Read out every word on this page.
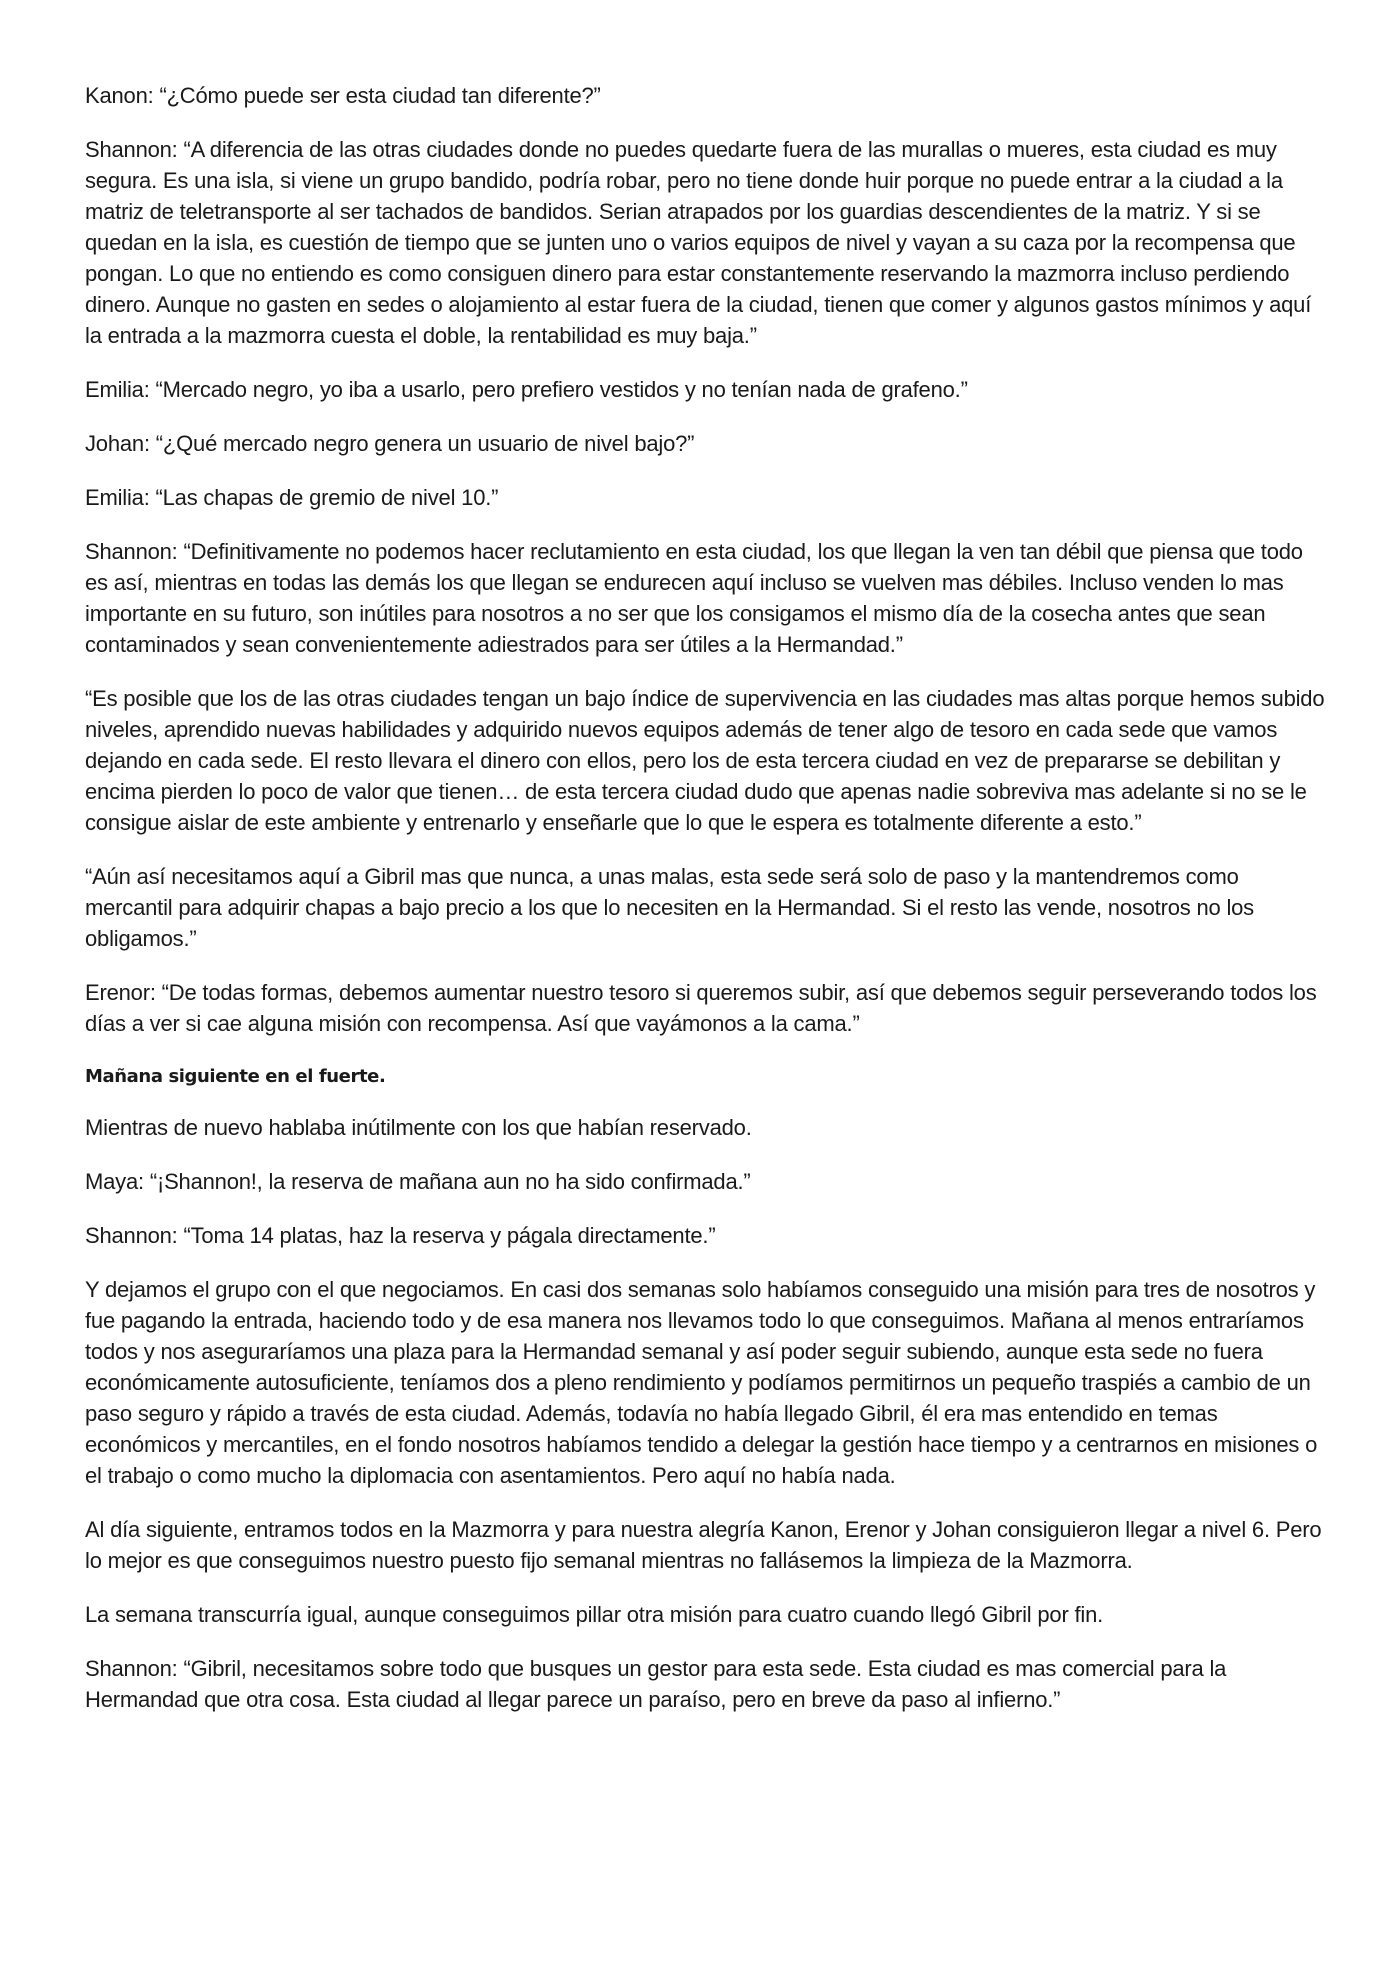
Kanon: “¿Cómo puede ser esta ciudad tan diferente?”

Shannon: “A diferencia de las otras ciudades donde no puedes quedarte fuera de las murallas o mueres, esta ciudad es muy segura. Es una isla, si viene un grupo bandido, podría robar, pero no tiene donde huir porque no puede entrar a la ciudad a la matriz de teletransporte al ser tachados de bandidos. Serian atrapados por los guardias descendientes de la matriz. Y si se quedan en la isla, es cuestión de tiempo que se junten uno o varios equipos de nivel y vayan a su caza por la recompensa que pongan. Lo que no entiendo es como consiguen dinero para estar constantemente reservando la mazmorra incluso perdiendo dinero. Aunque no gasten en sedes o alojamiento al estar fuera de la ciudad, tienen que comer y algunos gastos mínimos y aquí la entrada a la mazmorra cuesta el doble, la rentabilidad es muy baja.”

Emilia: “Mercado negro, yo iba a usarlo, pero prefiero vestidos y no tenían nada de grafeno.”

Johan: “¿Qué mercado negro genera un usuario de nivel bajo?”

Emilia: “Las chapas de gremio de nivel 10.”

Shannon: “Definitivamente no podemos hacer reclutamiento en esta ciudad, los que llegan la ven tan débil que piensa que todo es así, mientras en todas las demás los que llegan se endurecen aquí incluso se vuelven mas débiles. Incluso venden lo mas importante en su futuro, son inútiles para nosotros a no ser que los consigamos el mismo día de la cosecha antes que sean contaminados y sean convenientemente adiestrados para ser útiles a la Hermandad.”

“Es posible que los de las otras ciudades tengan un bajo índice de supervivencia en las ciudades mas altas porque hemos subido niveles, aprendido nuevas habilidades y adquirido nuevos equipos además de tener algo de tesoro en cada sede que vamos dejando en cada sede. El resto llevara el dinero con ellos, pero los de esta tercera ciudad en vez de prepararse se debilitan y encima pierden lo poco de valor que tienen… de esta tercera ciudad dudo que apenas nadie sobreviva mas adelante si no se le consigue aislar de este ambiente y entrenarlo y enseñarle que lo que le espera es totalmente diferente a esto.”

“Aún así necesitamos aquí a Gibril mas que nunca, a unas malas, esta sede será solo de paso y la mantendremos como mercantil para adquirir chapas a bajo precio a los que lo necesiten en la Hermandad. Si el resto las vende, nosotros no los obligamos.”

Erenor: “De todas formas, debemos aumentar nuestro tesoro si queremos subir, así que debemos seguir perseverando todos los días a ver si cae alguna misión con recompensa. Así que vayámonos a la cama.”

Mañana siguiente en el fuerte.

Mientras de nuevo hablaba inútilmente con los que habían reservado.

Maya: “¡Shannon!, la reserva de mañana aun no ha sido confirmada.”

Shannon: “Toma 14 platas, haz la reserva y págala directamente.”

Y dejamos el grupo con el que negociamos. En casi dos semanas solo habíamos conseguido una misión para tres de nosotros y fue pagando la entrada, haciendo todo y de esa manera nos llevamos todo lo que conseguimos. Mañana al menos entraríamos todos y nos aseguraríamos una plaza para la Hermandad semanal y así poder seguir subiendo, aunque esta sede no fuera económicamente autosuficiente, teníamos dos a pleno rendimiento y podíamos permitirnos un pequeño traspiés a cambio de un paso seguro y rápido a través de esta ciudad. Además, todavía no había llegado Gibril, él era mas entendido en temas económicos y mercantiles, en el fondo nosotros habíamos tendido a delegar la gestión hace tiempo y a centrarnos en misiones o el trabajo o como mucho la diplomacia con asentamientos. Pero aquí no había nada.

Al día siguiente, entramos todos en la Mazmorra y para nuestra alegría Kanon, Erenor y Johan consiguieron llegar a nivel 6. Pero lo mejor es que conseguimos nuestro puesto fijo semanal mientras no fallásemos la limpieza de la Mazmorra.

La semana transcurría igual, aunque conseguimos pillar otra misión para cuatro cuando llegó Gibril por fin.

Shannon: “Gibril, necesitamos sobre todo que busques un gestor para esta sede. Esta ciudad es mas comercial para la Hermandad que otra cosa. Esta ciudad al llegar parece un paraíso, pero en breve da paso al infierno.”
